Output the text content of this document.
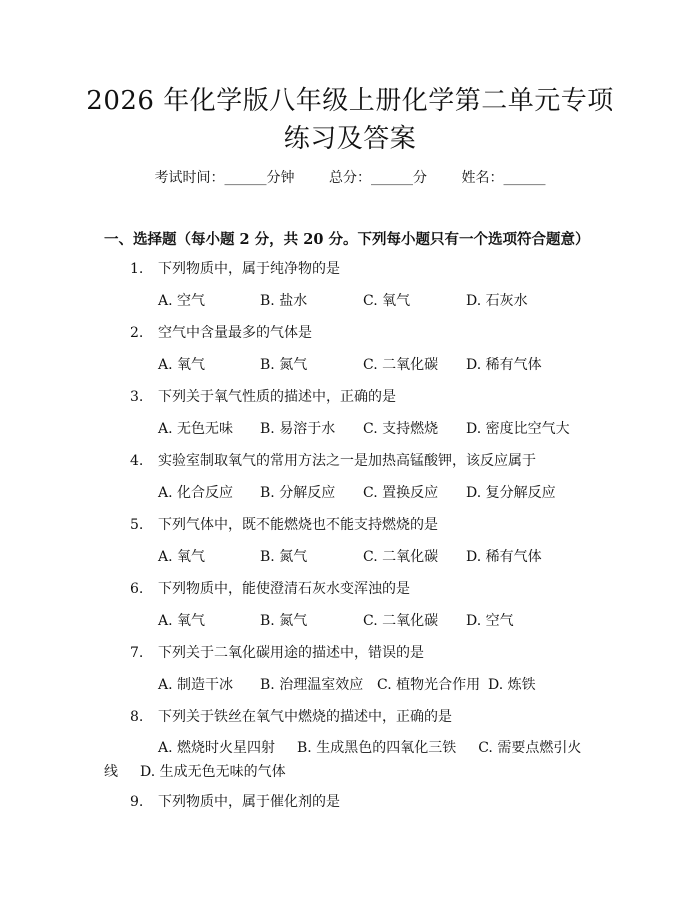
2026 年化学版八年级上册化学第二单元专项
练习及答案
考试时间：______分钟 总分：______分 姓名：______
一、选择题（每小题 2 分，共 20 分。下列每小题只有一个选项符合题意）
1. 下列物质中，属于纯净物的是
A. 空气	B. 盐水	C. 氧气	D. 石灰水
2. 空气中含量最多的气体是
A. 氧气	B. 氮气	C. 二氧化碳 D. 稀有气体
3. 下列关于氧气性质的描述中，正确的是
A. 无色无味 B. 易溶于水 C. 支持燃烧 D. 密度比空气大
4. 实验室制取氧气的常用方法之一是加热高锰酸钾，该反应属于
A. 化合反应 B. 分解反应 C. 置换反应 D. 复分解反应
5. 下列气体中，既不能燃烧也不能支持燃烧的是
A. 氧气	B. 氮气	C. 二氧化碳 D. 稀有气体
6. 下列物质中，能使澄清石灰水变浑浊的是
A. 氧气	B. 氮气	C. 二氧化碳 D. 空气
7. 下列关于二氧化碳用途的描述中，错误的是
A. 制造干冰 B. 治理温室效应 C. 植物光合作用 D. 炼铁
8. 下列关于铁丝在氧气中燃烧的描述中，正确的是
A. 燃烧时火星四射 B. 生成黑色的四氧化三铁 C. 需要点燃引火线 D. 生成无色无味的气体
9. 下列物质中，属于催化剂的是
